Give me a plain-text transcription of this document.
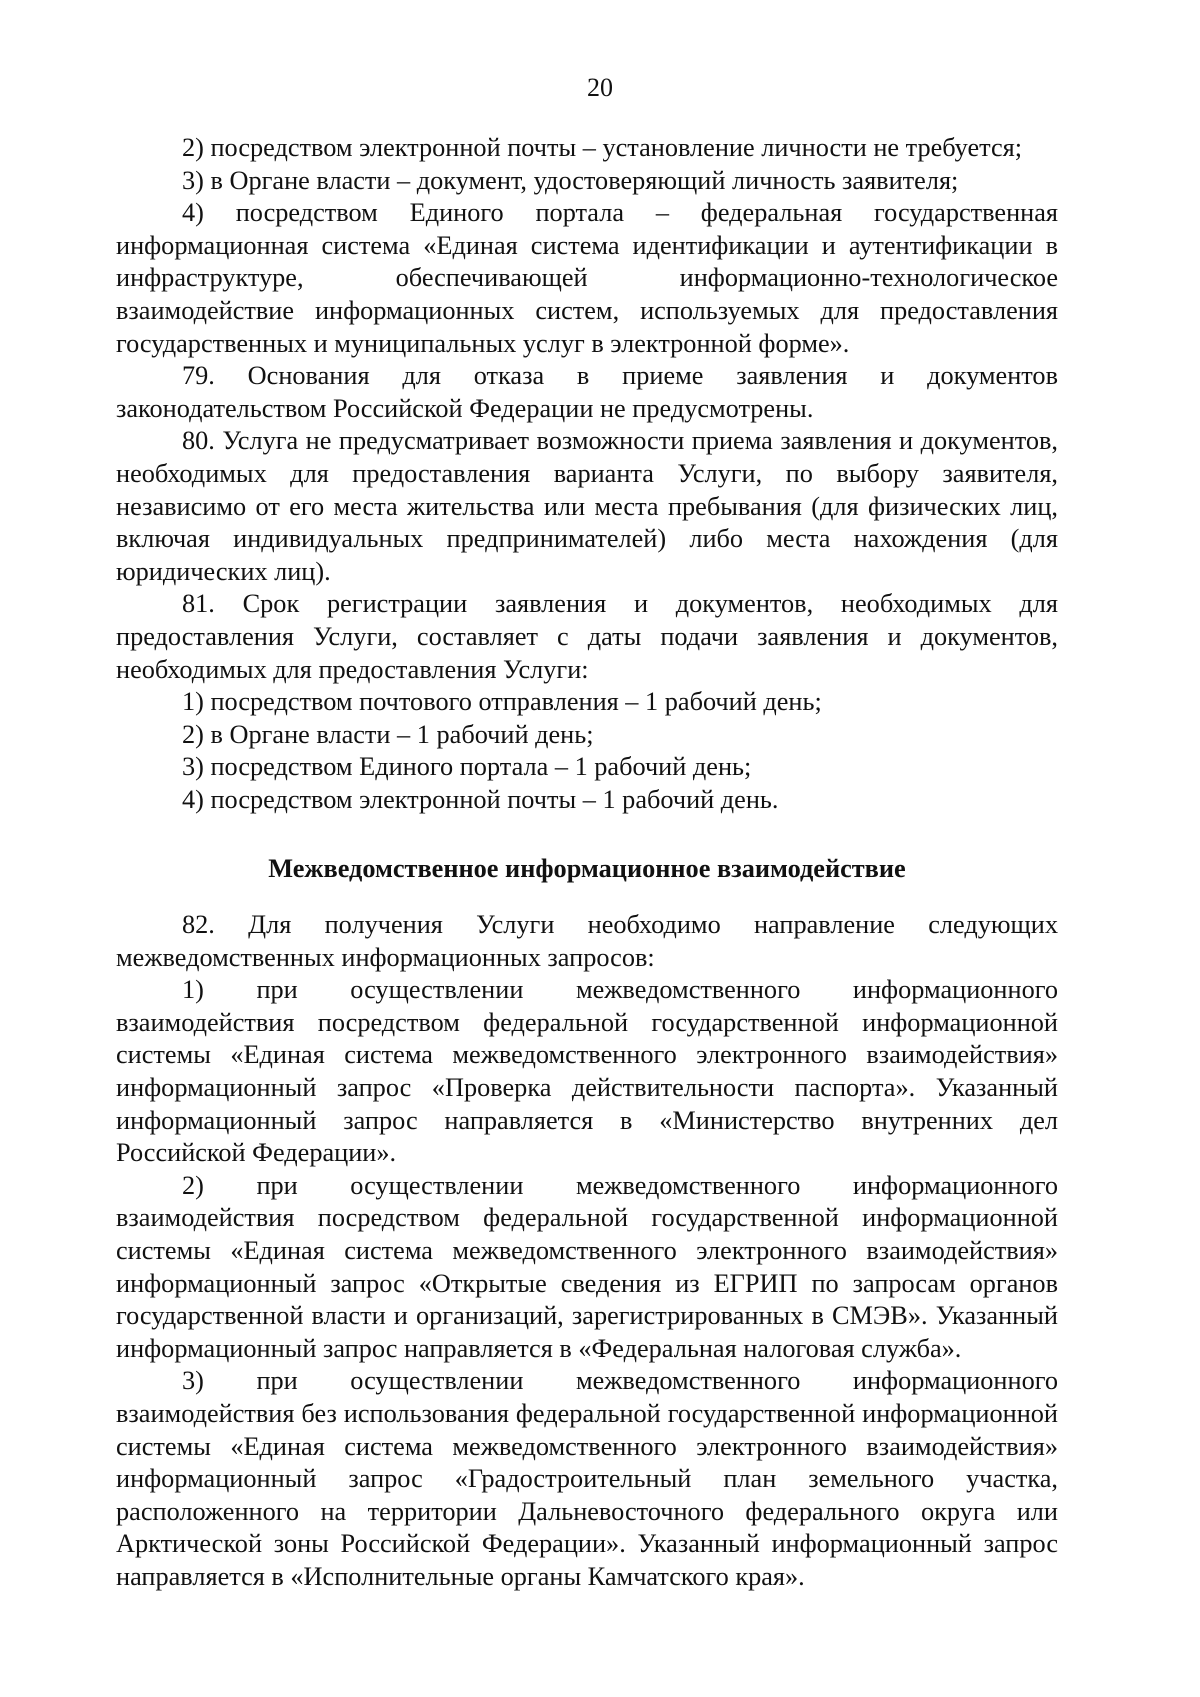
20

2) посредством электронной почты – установление личности не требуется;

3) в Органе власти – документ, удостоверяющий личность заявителя;

4) посредством Единого портала – федеральная государственная информационная система «Единая система идентификации и аутентификации в инфраструктуре, обеспечивающей информационно-технологическое взаимодействие информационных систем, используемых для предоставления государственных и муниципальных услуг в электронной форме».

79. Основания для отказа в приеме заявления и документов законодательством Российской Федерации не предусмотрены.

80. Услуга не предусматривает возможности приема заявления и документов, необходимых для предоставления варианта Услуги, по выбору заявителя, независимо от его места жительства или места пребывания (для физических лиц, включая индивидуальных предпринимателей) либо места нахождения (для юридических лиц).

81. Срок регистрации заявления и документов, необходимых для предоставления Услуги, составляет с даты подачи заявления и документов, необходимых для предоставления Услуги:

1) посредством почтового отправления – 1 рабочий день;

2) в Органе власти – 1 рабочий день;

3) посредством Единого портала – 1 рабочий день;

4) посредством электронной почты – 1 рабочий день.

Межведомственное информационное взаимодействие

82. Для получения Услуги необходимо направление следующих межведомственных информационных запросов:

1) при осуществлении межведомственного информационного взаимодействия посредством федеральной государственной информационной системы «Единая система межведомственного электронного взаимодействия» информационный запрос «Проверка действительности паспорта». Указанный информационный запрос направляется в «Министерство внутренних дел Российской Федерации».

2) при осуществлении межведомственного информационного взаимодействия посредством федеральной государственной информационной системы «Единая система межведомственного электронного взаимодействия» информационный запрос «Открытые сведения из ЕГРИП по запросам органов государственной власти и организаций, зарегистрированных в СМЭВ». Указанный информационный запрос направляется в «Федеральная налоговая служба».

3) при осуществлении межведомственного информационного взаимодействия без использования федеральной государственной информационной системы «Единая система межведомственного электронного взаимодействия» информационный запрос «Градостроительный план земельного участка, расположенного на территории Дальневосточного федерального округа или Арктической зоны Российской Федерации». Указанный информационный запрос направляется в «Исполнительные органы Камчатского края».
